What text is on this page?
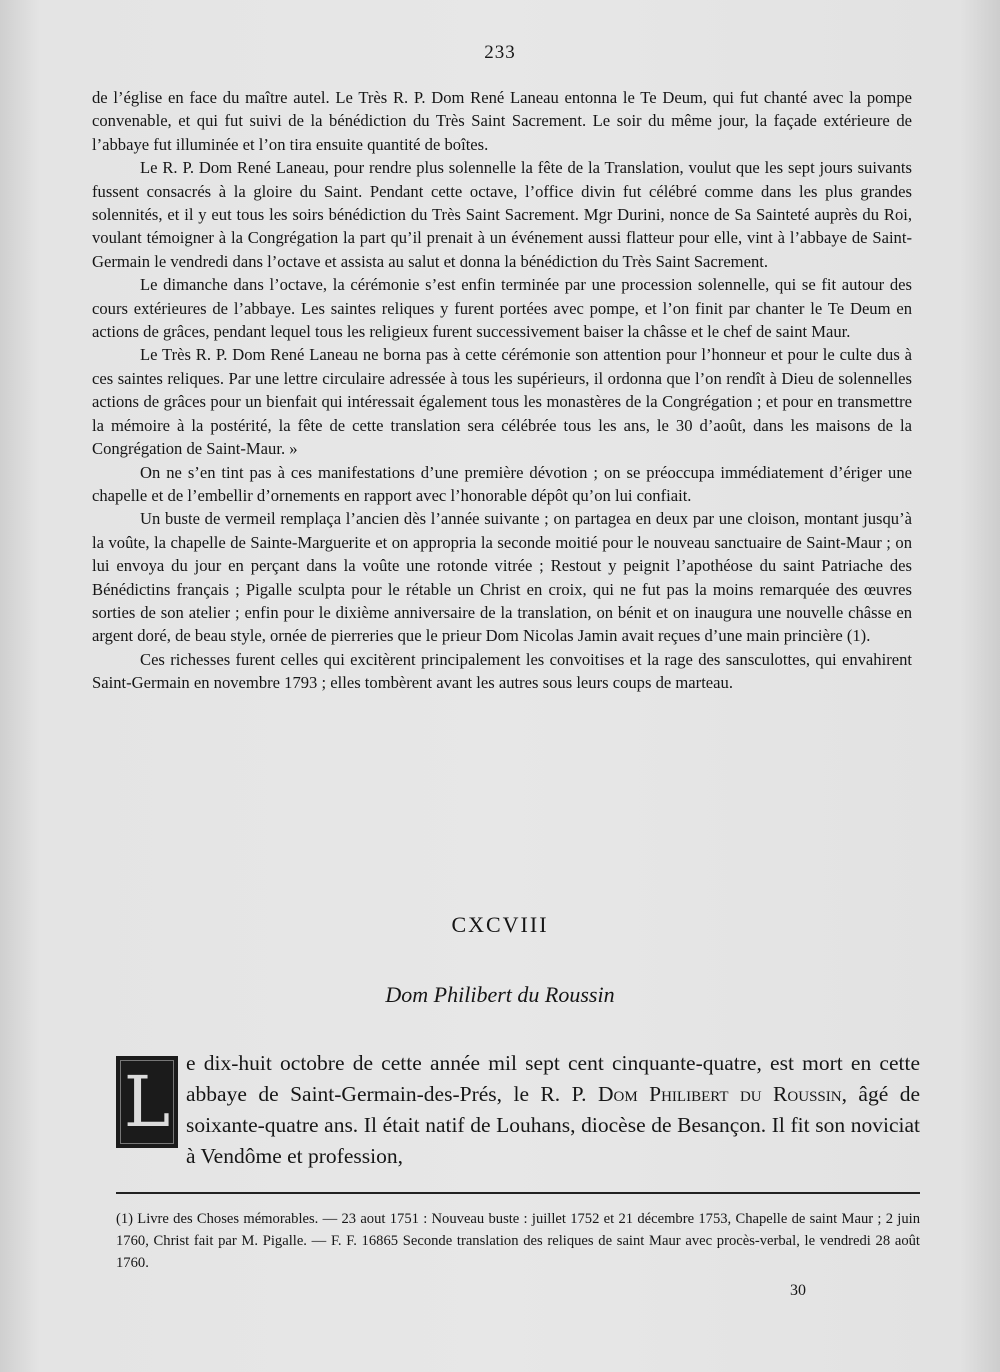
233

de l’église en face du maître autel. Le Très R. P. Dom René Laneau entonna le Te Deum, qui fut chanté avec la pompe convenable, et qui fut suivi de la bénédiction du Très Saint Sacrement. Le soir du même jour, la façade extérieure de l’abbaye fut illuminée et l’on tira ensuite quantité de boîtes.

Le R. P. Dom René Laneau, pour rendre plus solennelle la fête de la Translation, voulut que les sept jours suivants fussent consacrés à la gloire du Saint. Pendant cette octave, l’office divin fut célébré comme dans les plus grandes solennités, et il y eut tous les soirs bénédiction du Très Saint Sacrement. Mgr Durini, nonce de Sa Sainteté auprès du Roi, voulant témoigner à la Congrégation la part qu’il prenait à un événement aussi flatteur pour elle, vint à l’abbaye de Saint-Germain le vendredi dans l’octave et assista au salut et donna la bénédiction du Très Saint Sacrement.

Le dimanche dans l’octave, la cérémonie s’est enfin terminée par une procession solennelle, qui se fit autour des cours extérieures de l’abbaye. Les saintes reliques y furent portées avec pompe, et l’on finit par chanter le Te Deum en actions de grâces, pendant lequel tous les religieux furent successivement baiser la châsse et le chef de saint Maur.

Le Très R. P. Dom René Laneau ne borna pas à cette cérémonie son attention pour l’honneur et pour le culte dus à ces saintes reliques. Par une lettre circulaire adressée à tous les supérieurs, il ordonna que l’on rendît à Dieu de solennelles actions de grâces pour un bienfait qui intéressait également tous les monastères de la Congrégation ; et pour en transmettre la mémoire à la postérité, la fête de cette translation sera célébrée tous les ans, le 30 d’août, dans les maisons de la Congrégation de Saint-Maur. »

On ne s’en tint pas à ces manifestations d’une première dévotion ; on se préoccupa immédiatement d’ériger une chapelle et de l’embellir d’ornements en rapport avec l’honorable dépôt qu’on lui confiait.

Un buste de vermeil remplaça l’ancien dès l’année suivante ; on partagea en deux par une cloison, montant jusqu’à la voûte, la chapelle de Sainte-Marguerite et on appropria la seconde moitié pour le nouveau sanctuaire de Saint-Maur ; on lui envoya du jour en perçant dans la voûte une rotonde vitrée ; Restout y peignit l’apothéose du saint Patriache des Bénédictins français ; Pigalle sculpta pour le rétable un Christ en croix, qui ne fut pas la moins remarquée des œuvres sorties de son atelier ; enfin pour le dixième anniversaire de la translation, on bénit et on inaugura une nouvelle châsse en argent doré, de beau style, ornée de pierreries que le prieur Dom Nicolas Jamin avait reçues d’une main princière (1).

Ces richesses furent celles qui excitèrent principalement les convoitises et la rage des sansculottes, qui envahirent Saint-Germain en novembre 1793 ; elles tombèrent avant les autres sous leurs coups de marteau.

CXCVIII
Dom Philibert du Roussin
L e dix-huit octobre de cette année mil sept cent cinquante-quatre, est mort en cette abbaye de Saint-Germain-des-Prés, le R. P. Dom Philibert du Roussin, âgé de soixante-quatre ans. Il était natif de Louhans, diocèse de Besançon. Il fit son noviciat à Vendôme et profession,
(1) Livre des Choses mémorables. — 23 aout 1751 : Nouveau buste : juillet 1752 et 21 décembre 1753, Chapelle de saint Maur ; 2 juin 1760, Christ fait par M. Pigalle. — F. F. 16865 Seconde translation des reliques de saint Maur avec procès-verbal, le vendredi 28 août 1760.
30
